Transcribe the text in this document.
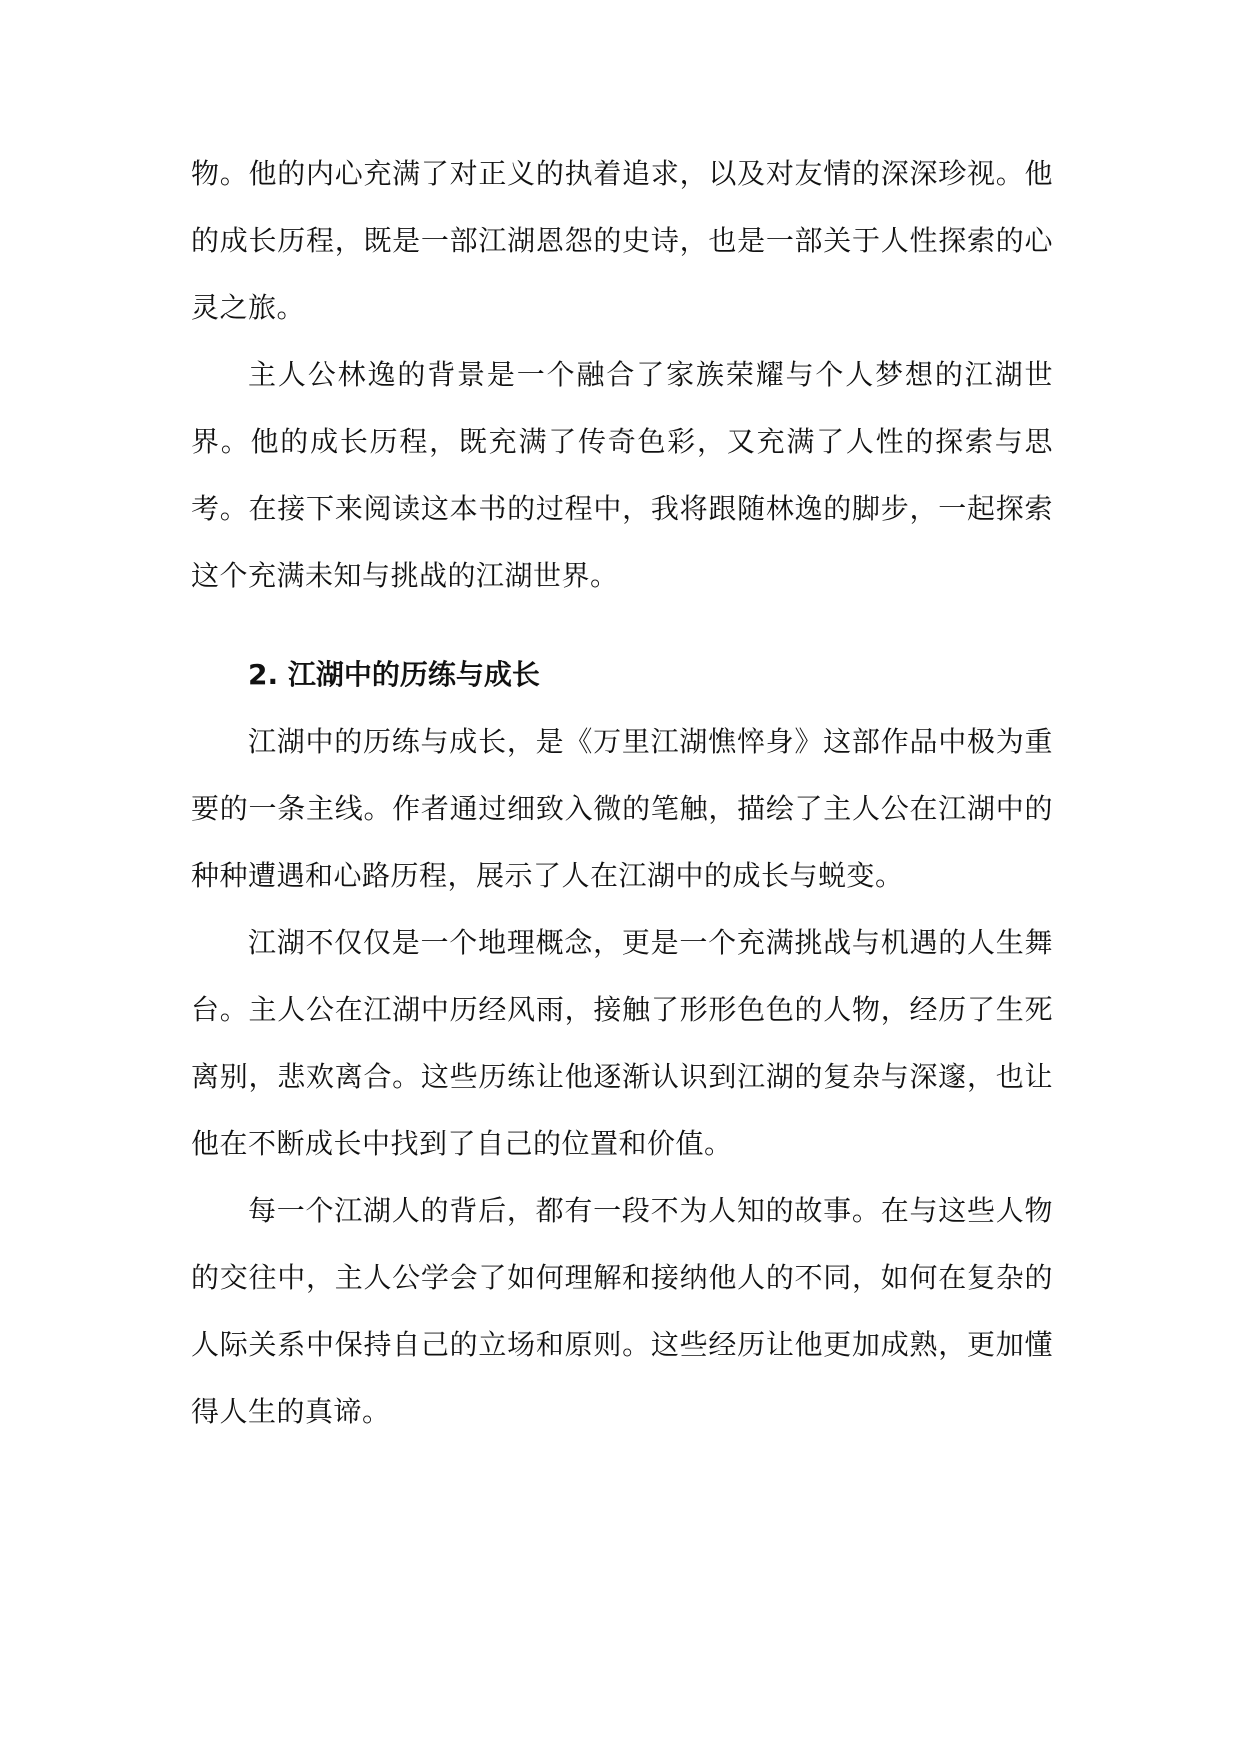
物。他的内心充满了对正义的执着追求，以及对友情的深深珍视。他的成长历程，既是一部江湖恩怨的史诗，也是一部关于人性探索的心灵之旅。

主人公林逸的背景是一个融合了家族荣耀与个人梦想的江湖世界。他的成长历程，既充满了传奇色彩，又充满了人性的探索与思考。在接下来阅读这本书的过程中，我将跟随林逸的脚步，一起探索这个充满未知与挑战的江湖世界。

2. 江湖中的历练与成长

江湖中的历练与成长，是《万里江湖憔悴身》这部作品中极为重要的一条主线。作者通过细致入微的笔触，描绘了主人公在江湖中的种种遭遇和心路历程，展示了人在江湖中的成长与蜕变。

江湖不仅仅是一个地理概念，更是一个充满挑战与机遇的人生舞台。主人公在江湖中历经风雨，接触了形形色色的人物，经历了生死离别，悲欢离合。这些历练让他逐渐认识到江湖的复杂与深邃，也让他在不断成长中找到了自己的位置和价值。

每一个江湖人的背后，都有一段不为人知的故事。在与这些人物的交往中，主人公学会了如何理解和接纳他人的不同，如何在复杂的人际关系中保持自己的立场和原则。这些经历让他更加成熟，更加懂得人生的真谛。
